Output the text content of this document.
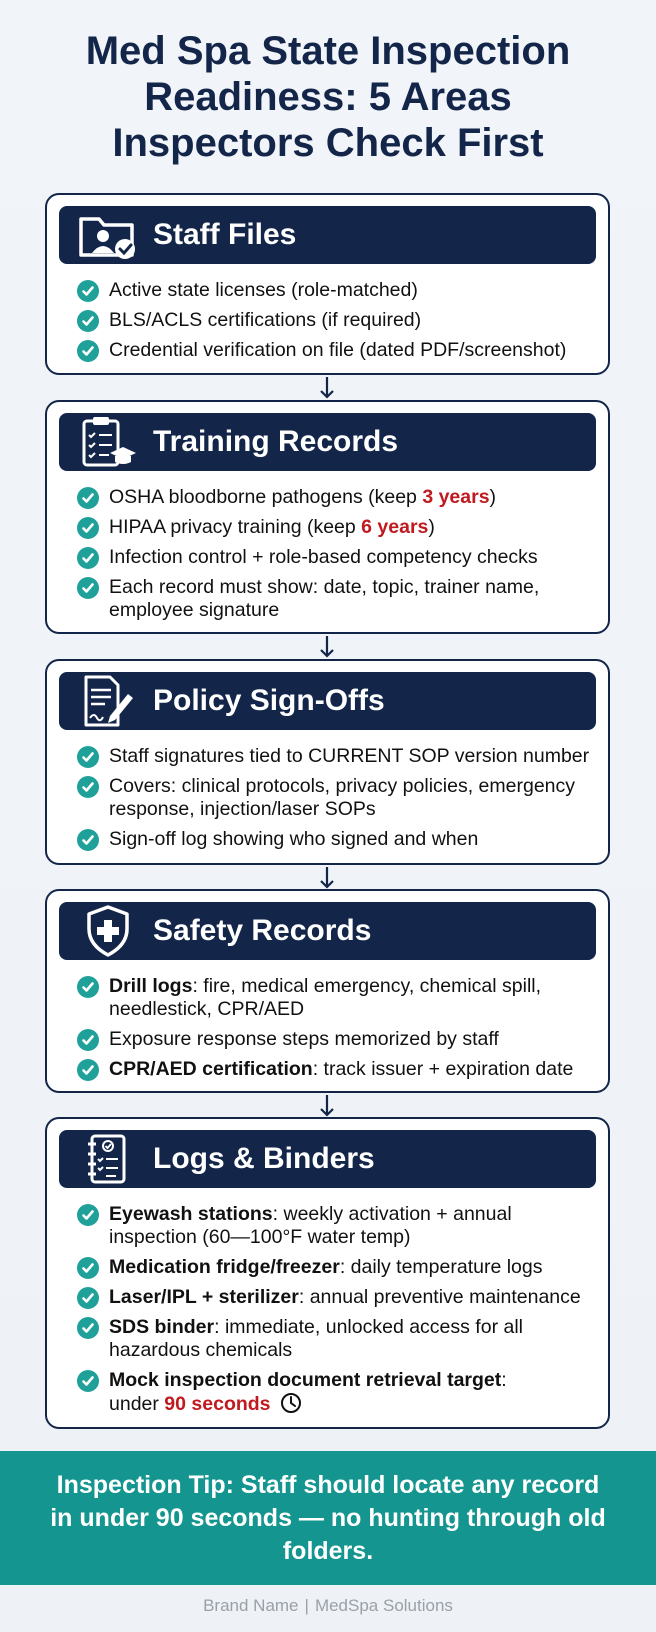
Med Spa State Inspection Readiness: 5 Areas Inspectors Check First
Staff Files
Active state licenses (role-matched)
BLS/ACLS certifications (if required)
Credential verification on file (dated PDF/screenshot)
Training Records
OSHA bloodborne pathogens (keep 3 years)
HIPAA privacy training (keep 6 years)
Infection control + role-based competency checks
Each record must show: date, topic, trainer name, employee signature
Policy Sign-Offs
Staff signatures tied to CURRENT SOP version number
Covers: clinical protocols, privacy policies, emergency response, injection/laser SOPs
Sign-off log showing who signed and when
Safety Records
Drill logs: fire, medical emergency, chemical spill, needlestick, CPR/AED
Exposure response steps memorized by staff
CPR/AED certification: track issuer + expiration date
Logs & Binders
Eyewash stations: weekly activation + annual inspection (60—100°F water temp)
Medication fridge/freezer: daily temperature logs
Laser/IPL + sterilizer: annual preventive maintenance
SDS binder: immediate, unlocked access for all hazardous chemicals
Mock inspection document retrieval target:
under 90 seconds
Inspection Tip: Staff should locate any record in under 90 seconds — no hunting through old folders.
Brand Name | MedSpa Solutions
